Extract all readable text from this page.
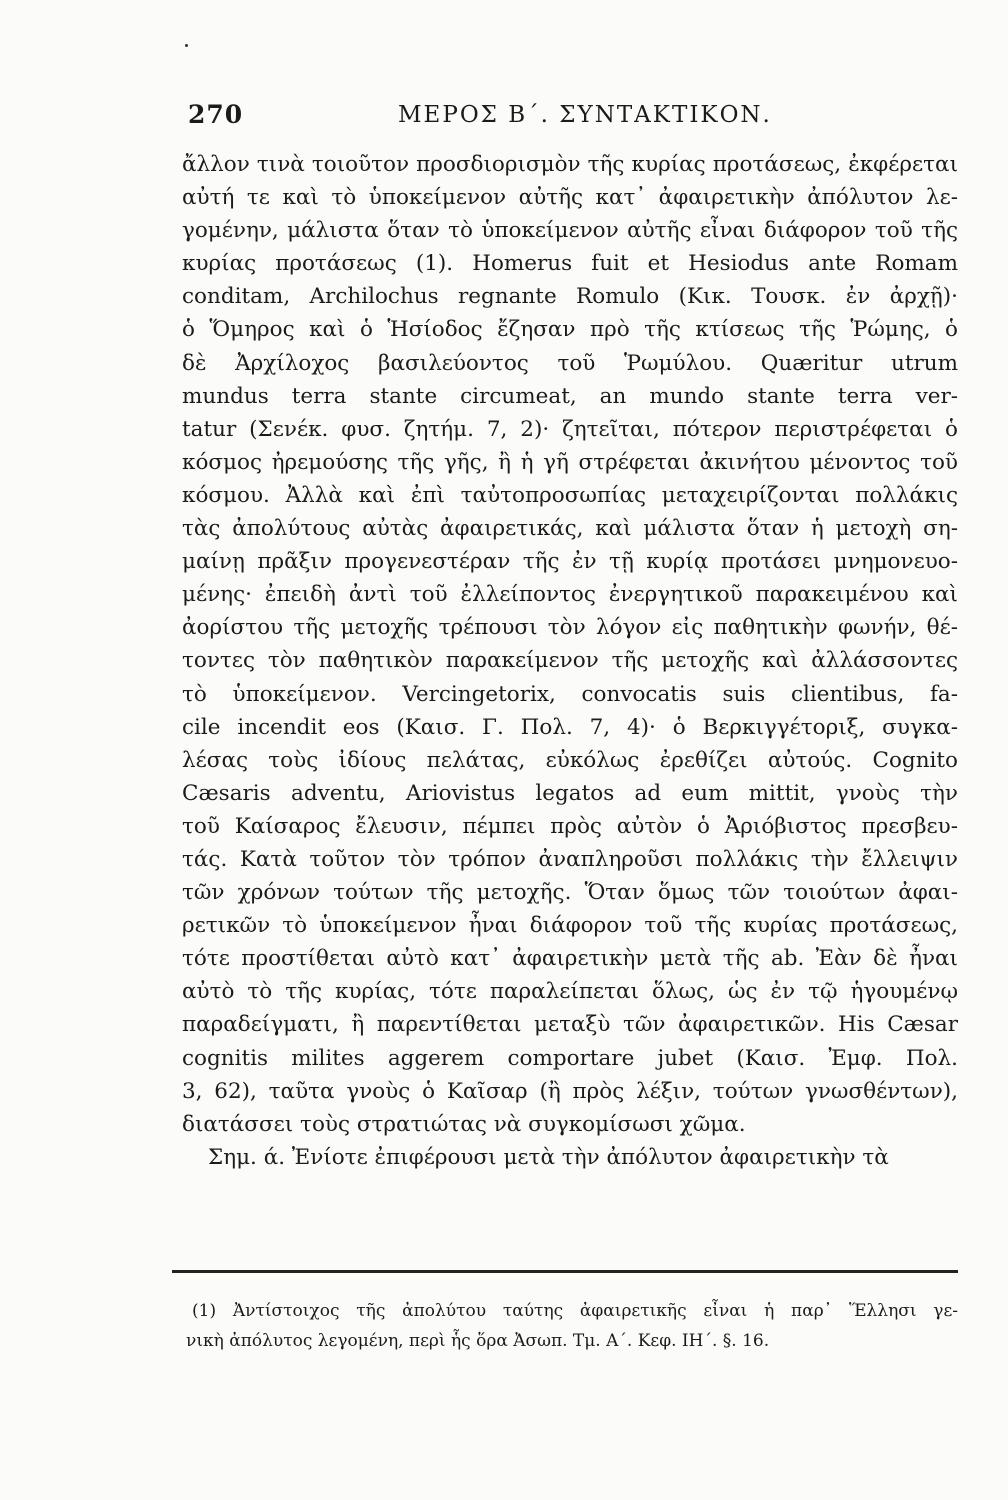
270	ΜΕΡΟΣ Β΄. ΣΥΝΤΑΚΤΙΚΟΝ.
ἄλλον τινὰ τοιοῦτον προσδιορισμὸν τῆς κυρίας προτάσεως, ἐκφέρεται
αὐτή τε καὶ τὸ ὑποκείμενον αὐτῆς κατ᾽ ἀφαιρετικὴν ἀπόλυτον λε-
γομένην, μάλιστα ὅταν τὸ ὑποκείμενον αὐτῆς εἶναι διάφορον τοῦ τῆς
κυρίας προτάσεως (1). Homerus fuit et Hesiodus ante Romam
conditam, Archilochus regnante Romulo (Κικ. Τουσκ. ἐν ἀρχῇ)·
ὁ Ὅμηρος καὶ ὁ Ἡσίοδος ἔζησαν πρὸ τῆς κτίσεως τῆς Ῥώμης, ὁ
δὲ Ἀρχίλοχος βασιλεύοντος τοῦ Ῥωμύλου. Quæritur utrum
mundus terra stante circumeat, an mundo stante terra ver-
tatur (Σενέκ. φυσ. ζητήμ. 7, 2)· ζητεῖται, πότερον περιστρέφεται ὁ
κόσμος ἠρεμούσης τῆς γῆς, ἢ ἡ γῆ στρέφεται ἀκινήτου μένοντος τοῦ
κόσμου. Ἀλλὰ καὶ ἐπὶ ταὐτοπροσωπίας μεταχειρίζονται πολλάκις
τὰς ἀπολύτους αὐτὰς ἀφαιρετικάς, καὶ μάλιστα ὅταν ἡ μετοχὴ ση-
μαίνῃ πρᾶξιν προγενεστέραν τῆς ἐν τῇ κυρίᾳ προτάσει μνημονευο-
μένης· ἐπειδὴ ἀντὶ τοῦ ἐλλείποντος ἐνεργητικοῦ παρακειμένου καὶ
ἀορίστου τῆς μετοχῆς τρέπουσι τὸν λόγον εἰς παθητικὴν φωνήν, θέ-
τοντες τὸν παθητικὸν παρακείμενον τῆς μετοχῆς καὶ ἀλλάσσοντες
τὸ ὑποκείμενον. Vercingetorix, convocatis suis clientibus, fa-
cile incendit eos (Καισ. Γ. Πολ. 7, 4)· ὁ Βερκιγγέτοριξ, συγκα-
λέσας τοὺς ἰδίους πελάτας, εὐκόλως ἐρεθίζει αὐτούς. Cognito
Cæsaris adventu, Ariovistus legatos ad eum mittit, γνοὺς τὴν
τοῦ Καίσαρος ἔλευσιν, πέμπει πρὸς αὐτὸν ὁ Ἀριόβιστος πρεσβευ-
τάς. Κατὰ τοῦτον τὸν τρόπον ἀναπληροῦσι πολλάκις τὴν ἔλλειψιν
τῶν χρόνων τούτων τῆς μετοχῆς. Ὅταν ὅμως τῶν τοιούτων ἀφαι-
ρετικῶν τὸ ὑποκείμενον ἦναι διάφορον τοῦ τῆς κυρίας προτάσεως,
τότε προστίθεται αὐτὸ κατ᾽ ἀφαιρετικὴν μετὰ τῆς ab. Ἐὰν δὲ ἦναι
αὐτὸ τὸ τῆς κυρίας, τότε παραλείπεται ὅλως, ὡς ἐν τῷ ἡγουμένῳ
παραδείγματι, ἢ παρεντίθεται μεταξὺ τῶν ἀφαιρετικῶν. His Cæsar
cognitis milites aggerem comportare jubet (Καισ. Ἐμφ. Πολ.
3, 62), ταῦτα γνοὺς ὁ Καῖσαρ (ἢ πρὸς λέξιν, τούτων γνωσθέντων),
διατάσσει τοὺς στρατιώτας νὰ συγκομίσωσι χῶμα.
Σημ. ά. Ἐνίοτε ἐπιφέρουσι μετὰ τὴν ἀπόλυτον ἀφαιρετικὴν τὰ
(1) Ἀντίστοιχος τῆς ἀπολύτου ταύτης ἀφαιρετικῆς εἶναι ἡ παρ᾽ Ἕλλησι γε-
νικὴ ἀπόλυτος λεγομένη, περὶ ἧς ὅρα Ἀσωπ. Τμ. Α΄. Κεφ. ΙΗ΄. §. 16.
